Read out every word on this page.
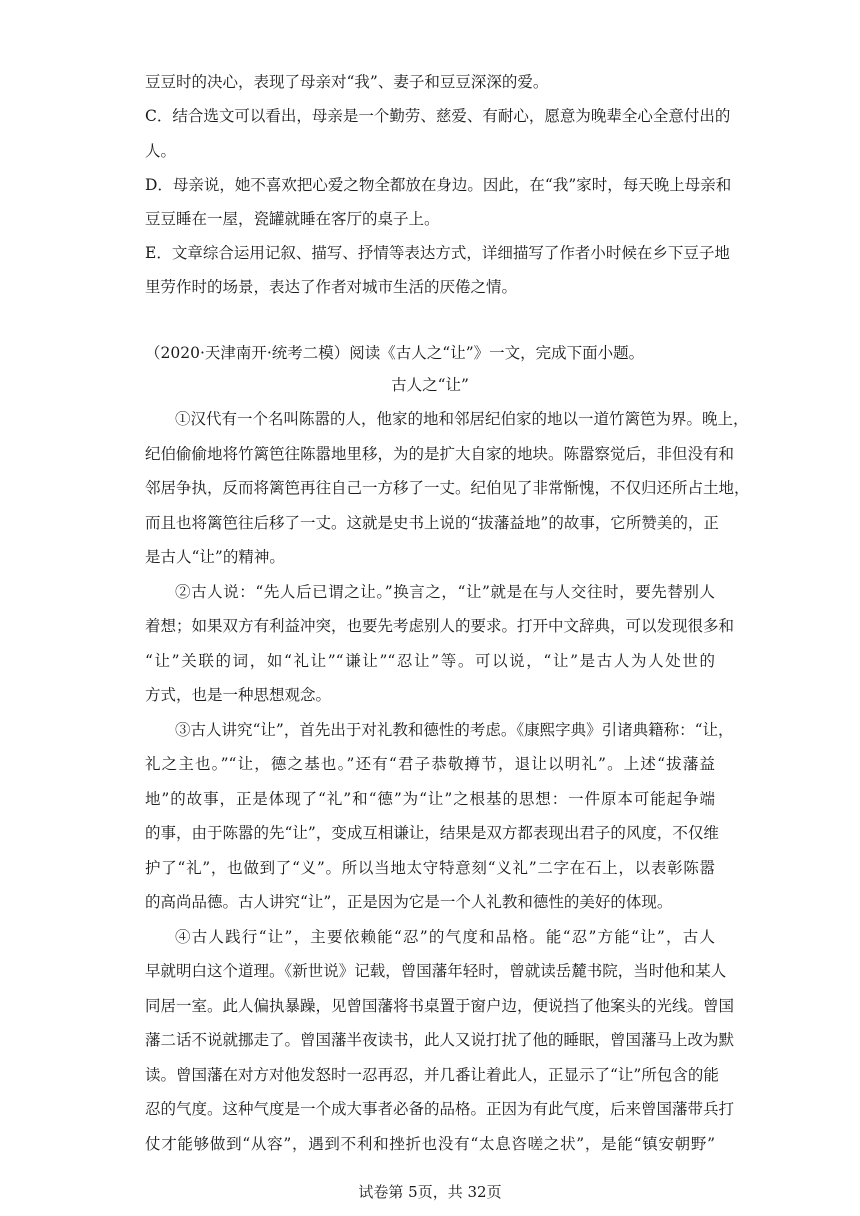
豆豆时的决心，表现了母亲对“我”、妻子和豆豆深深的爱。
C．结合选文可以看出，母亲是一个勤劳、慈爱、有耐心，愿意为晚辈全心全意付出的
人。
D．母亲说，她不喜欢把心爱之物全都放在身边。因此，在“我”家时，每天晚上母亲和
豆豆睡在一屋，瓷罐就睡在客厅的桌子上。
E．文章综合运用记叙、描写、抒情等表达方式，详细描写了作者小时候在乡下豆子地
里劳作时的场景，表达了作者对城市生活的厌倦之情。
（2020·天津南开·统考二模）阅读《古人之“让”》一文，完成下面小题。
古人之“让”
①汉代有一个名叫陈嚣的人，他家的地和邻居纪伯家的地以一道竹篱笆为界。晚上，
纪伯偷偷地将竹篱笆往陈嚣地里移，为的是扩大自家的地块。陈嚣察觉后，非但没有和
邻居争执，反而将篱笆再往自己一方移了一丈。纪伯见了非常惭愧，不仅归还所占土地，
而且也将篱笆往后移了一丈。这就是史书上说的“拔藩益地”的故事，它所赞美的，正
是古人“让”的精神。
②古人说：“先人后已谓之让。”换言之，“让”就是在与人交往时，要先替别人
着想；如果双方有利益冲突，也要先考虑别人的要求。打开中文辞典，可以发现很多和
“让”关联的词，如“礼让”“谦让”“忍让”等。可以说，“让”是古人为人处世的
方式，也是一种思想观念。
③古人讲究“让”，首先出于对礼教和德性的考虑。《康熙字典》引诸典籍称：“让，
礼之主也。”“让，德之基也。”还有“君子恭敬撙节，退让以明礼”。上述“拔藩益
地”的故事，正是体现了“礼”和“德”为“让”之根基的思想：一件原本可能起争端
的事，由于陈嚣的先“让”，变成互相谦让，结果是双方都表现出君子的风度，不仅维
护了“礼”，也做到了“义”。所以当地太守特意刻“义礼”二字在石上，以表彰陈嚣
的高尚品德。古人讲究“让”，正是因为它是一个人礼教和德性的美好的体现。
④古人践行“让”，主要依赖能“忍”的气度和品格。能“忍”方能“让”，古人
早就明白这个道理。《新世说》记载，曾国藩年轻时，曾就读岳麓书院，当时他和某人
同居一室。此人偏执暴躁，见曾国藩将书桌置于窗户边，便说挡了他案头的光线。曾国
藩二话不说就挪走了。曾国藩半夜读书，此人又说打扰了他的睡眠，曾国藩马上改为默
读。曾国藩在对方对他发怒时一忍再忍，并几番让着此人，正显示了“让”所包含的能
忍的气度。这种气度是一个成大事者必备的品格。正因为有此气度，后来曾国藩带兵打
仗才能够做到“从容”，遇到不利和挫折也没有“太息咨嗟之状”，是能“镇安朝野”
试卷第 5页，共 32页
